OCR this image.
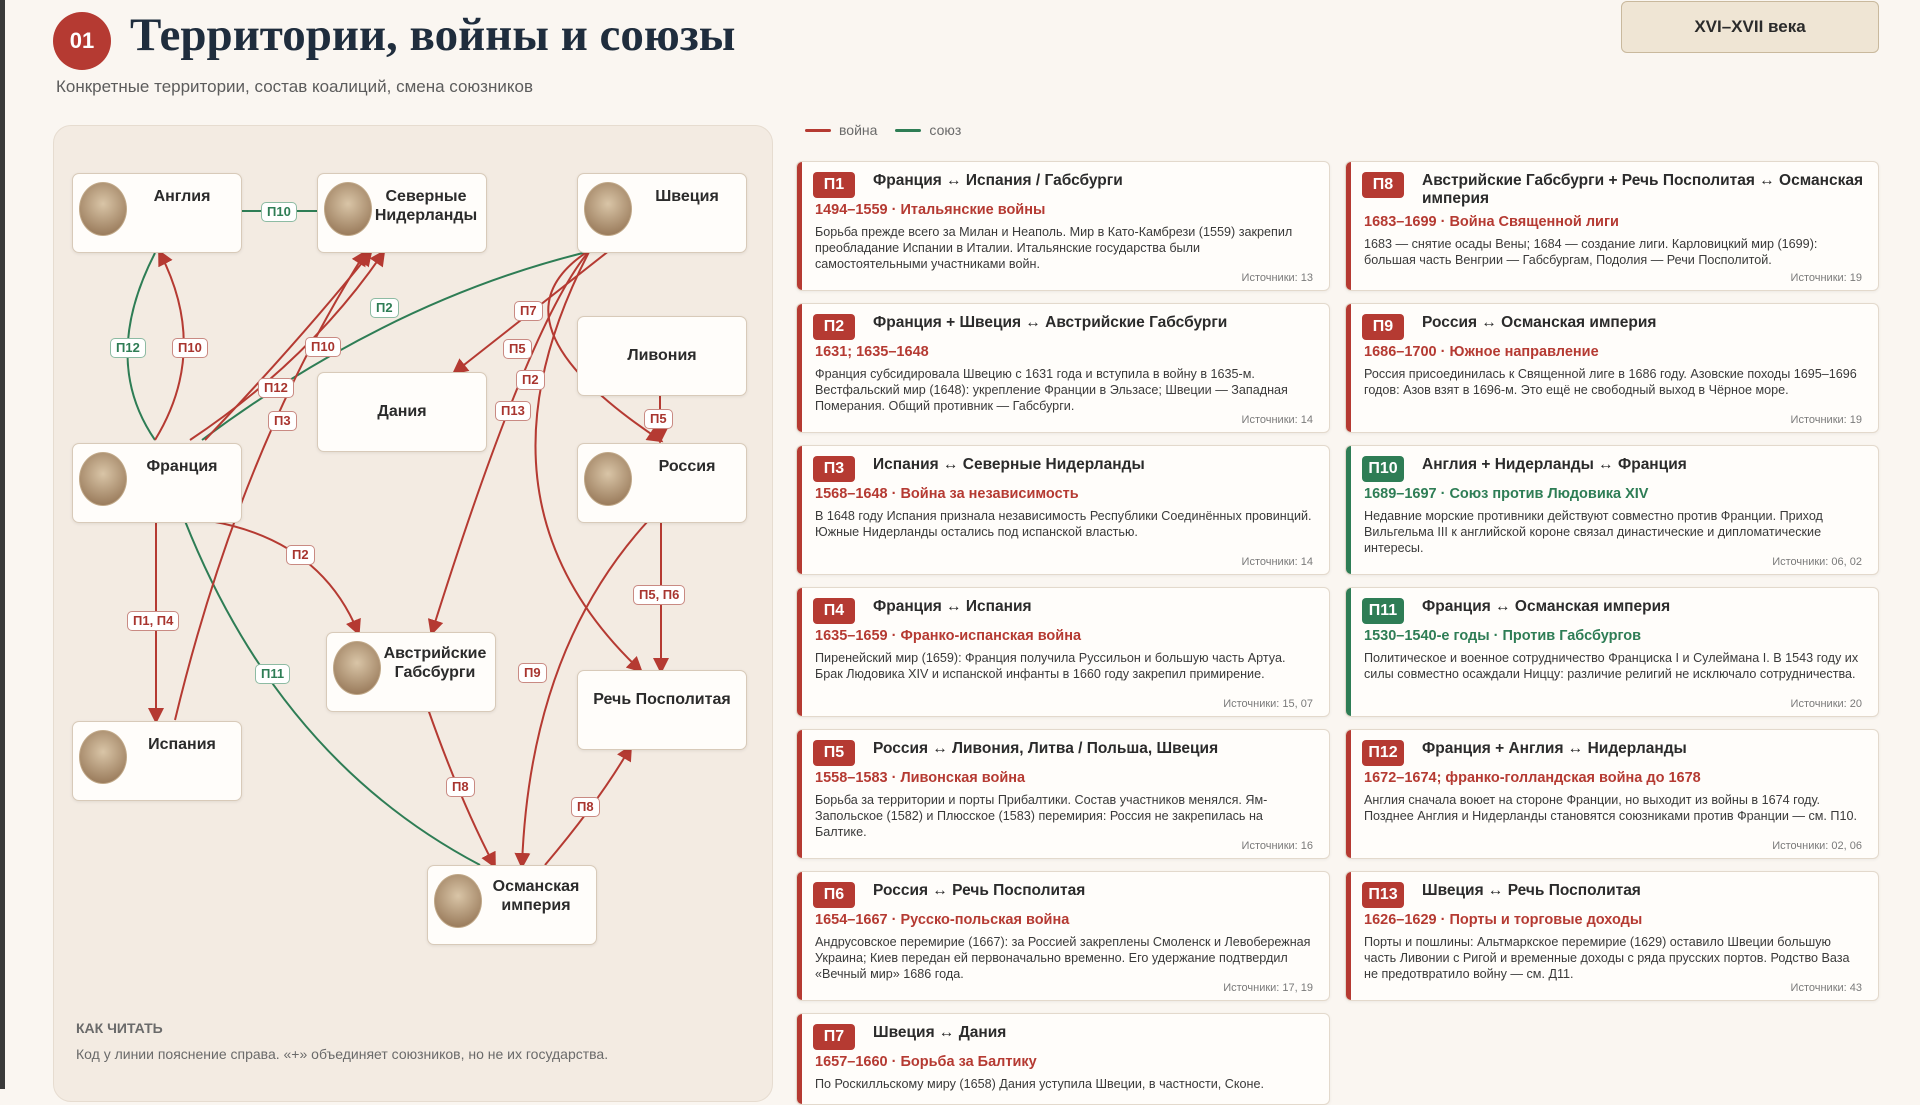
01 Территории, войны и союзы
Конкретные территории, состав коалиций, смена союзников
XVI–XVII века
война	союз
Англия	Северные Нидерланды
Швеция
Ливония
Дания
Франция	Россия
Австрийские Габсбурги
Испания
Речь Посполитая
Османская империя
П10
П2	П7
П12	П10	П10	П5
П12
П2
П3
П13
П5
П2
П1, П4
П5, П6
П11	П9
П8
П8
КАК ЧИТАТЬ
Код у линии пояснение справа. «+» объединяет союзников, но не их государства.
П1	Франция ↔ Испания / Габсбурги
1494–1559 · Итальянские войны
Борьба прежде всего за Милан и Неаполь. Мир в Като-Камбрези (1559) закрепил преобладание Испании в Италии. Итальянские государства были самостоятельными участниками войн.
Источники: 13
П2	Франция + Швеция ↔ Австрийские Габсбурги
1631; 1635–1648
Франция субсидировала Швецию с 1631 года и вступила в войну в 1635-м. Вестфальский мир (1648): укрепление Франции в Эльзасе; Швеции — Западная Померания. Общий противник — Габсбурги.
Источники: 14
П3	Испания ↔ Северные Нидерланды
1568–1648 · Война за независимость
В 1648 году Испания признала независимость Республики Соединённых провинций. Южные Нидерланды остались под испанской властью.
Источники: 14
П4	Франция ↔ Испания
1635–1659 · Франко-испанская война
Пиренейский мир (1659): Франция получила Руссильон и большую часть Артуа. Брак Людовика XIV и испанской инфанты в 1660 году закрепил примирение.
Источники: 15, 07
П5	Россия ↔ Ливония, Литва / Польша, Швеция
1558–1583 · Ливонская война
Борьба за территории и порты Прибалтики. Состав участников менялся. Ям-Запольское (1582) и Плюсское (1583) перемирия: Россия не закрепилась на Балтике.
Источники: 16
П6	Россия ↔ Речь Посполитая
1654–1667 · Русско-польская война
Андрусовское перемирие (1667): за Россией закреплены Смоленск и Левобережная Украина; Киев передан ей первоначально временно. Его удержание подтвердил «Вечный мир» 1686 года.
Источники: 17, 19
П7	Швеция ↔ Дания
1657–1660 · Борьба за Балтику
По Роскилльскому миру (1658) Дания уступила Швеции, в частности, Сконе.
П8	Австрийские Габсбурги + Речь Посполитая ↔ Османская империя
1683–1699 · Война Священной лиги
1683 — снятие осады Вены; 1684 — создание лиги. Карловицкий мир (1699): большая часть Венгрии — Габсбургам, Подолия — Речи Посполитой.
Источники: 19
П9	Россия ↔ Османская империя
1686–1700 · Южное направление
Россия присоединилась к Священной лиге в 1686 году. Азовские походы 1695–1696 годов: Азов взят в 1696-м. Это ещё не свободный выход в Чёрное море.
Источники: 19
П10	Англия + Нидерланды ↔ Франция
1689–1697 · Союз против Людовика XIV
Недавние морские противники действуют совместно против Франции. Приход Вильгельма III к английской короне связал династические и дипломатические интересы.
Источники: 06, 02
П11	Франция ↔ Османская империя
1530–1540-е годы · Против Габсбургов
Политическое и военное сотрудничество Франциска I и Сулеймана I. В 1543 году их силы совместно осаждали Ниццу: различие религий не исключало сотрудничества.
Источники: 20
П12	Франция + Англия ↔ Нидерланды
1672–1674; франко-голландская война до 1678
Англия сначала воюет на стороне Франции, но выходит из войны в 1674 году. Позднее Англия и Нидерланды становятся союзниками против Франции — см. П10.
Источники: 02, 06
П13	Швеция ↔ Речь Посполитая
1626–1629 · Порты и торговые доходы
Порты и пошлины: Альтмаркское перемирие (1629) оставило Швеции большую часть Ливонии с Ригой и временные доходы с ряда прусских портов. Родство Ваза не предотвратило войну — см. Д11.
Источники: 43
